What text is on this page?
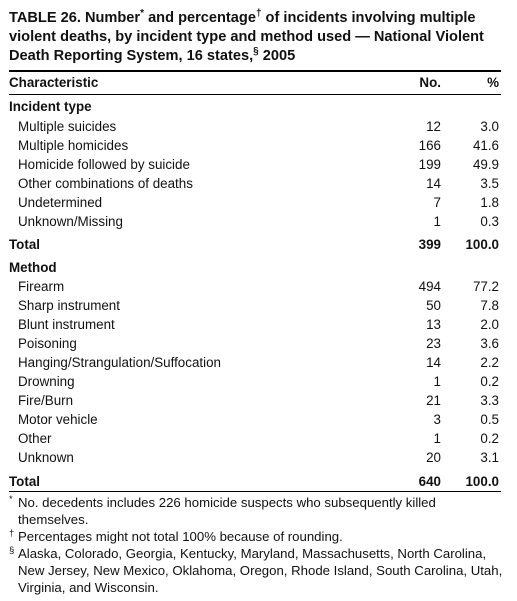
TABLE 26. Number* and percentage† of incidents involving multiple violent deaths, by incident type and method used — National Violent Death Reporting System, 16 states,§ 2005
Characteristic	No.	%
Incident type
Multiple suicides	12	3.0
Multiple homicides	166 41.6
Homicide followed by suicide	199 49.9
Other combinations of deaths	14	3.5
Undetermined	7	1.8
Unknown/Missing	1	0.3
Total	399 100.0
Method
Firearm	494 77.2
Sharp instrument	50	7.8
Blunt instrument	13	2.0
Poisoning	23	3.6
Hanging/Strangulation/Suffocation	14	2.2
Drowning	1	0.2
Fire/Burn	21	3.3
Motor vehicle	3	0.5
Other	1	0.2
Unknown	20	3.1
Total	640 100.0
* No. decedents includes 226 homicide suspects who subsequently killed themselves.
† Percentages might not total 100% because of rounding.
§ Alaska, Colorado, Georgia, Kentucky, Maryland, Massachusetts, North Carolina, New Jersey, New Mexico, Oklahoma, Oregon, Rhode Island, South Carolina, Utah, Virginia, and Wisconsin.
